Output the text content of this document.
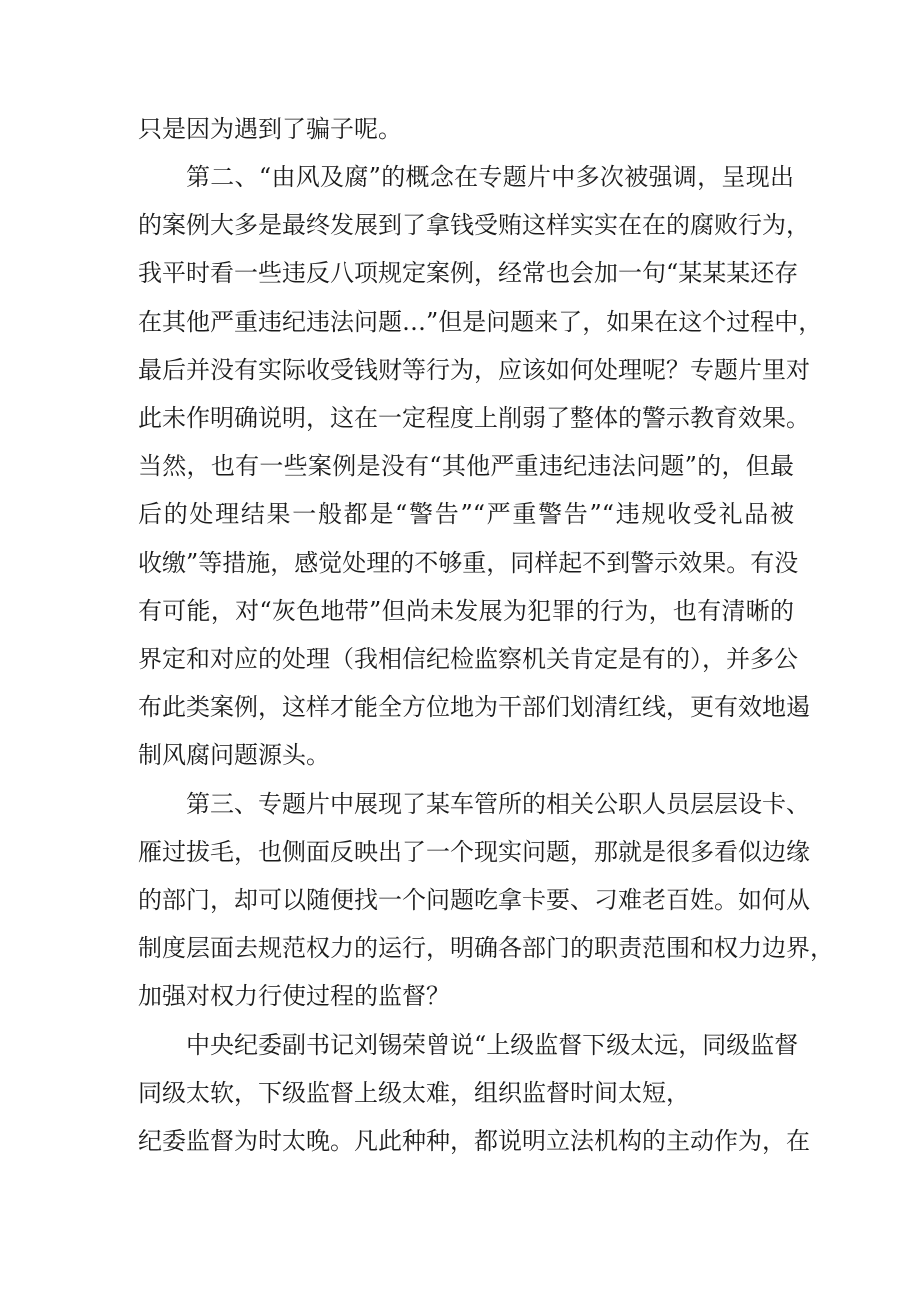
只是因为遇到了骗子呢。
第二、“由风及腐”的概念在专题片中多次被强调，呈现出
的案例大多是最终发展到了拿钱受贿这样实实在在的腐败行为，
我平时看一些违反八项规定案例，经常也会加一句“某某某还存
在其他严重违纪违法问题…”但是问题来了，如果在这个过程中，
最后并没有实际收受钱财等行为，应该如何处理呢？专题片里对
此未作明确说明，这在一定程度上削弱了整体的警示教育效果。
当然，也有一些案例是没有“其他严重违纪违法问题”的，但最
后的处理结果一般都是“警告”“严重警告”“违规收受礼品被
收缴”等措施，感觉处理的不够重，同样起不到警示效果。有没
有可能，对“灰色地带”但尚未发展为犯罪的行为，也有清晰的
界定和对应的处理（我相信纪检监察机关肯定是有的），并多公
布此类案例，这样才能全方位地为干部们划清红线，更有效地遏
制风腐问题源头。
第三、专题片中展现了某车管所的相关公职人员层层设卡、
雁过拔毛，也侧面反映出了一个现实问题，那就是很多看似边缘
的部门，却可以随便找一个问题吃拿卡要、刁难老百姓。如何从
制度层面去规范权力的运行，明确各部门的职责范围和权力边界，
加强对权力行使过程的监督？
中央纪委副书记刘锡荣曾说“上级监督下级太远，同级监督
同级太软，下级监督上级太难，组织监督时间太短，
纪委监督为时太晚。凡此种种，都说明立法机构的主动作为，在
